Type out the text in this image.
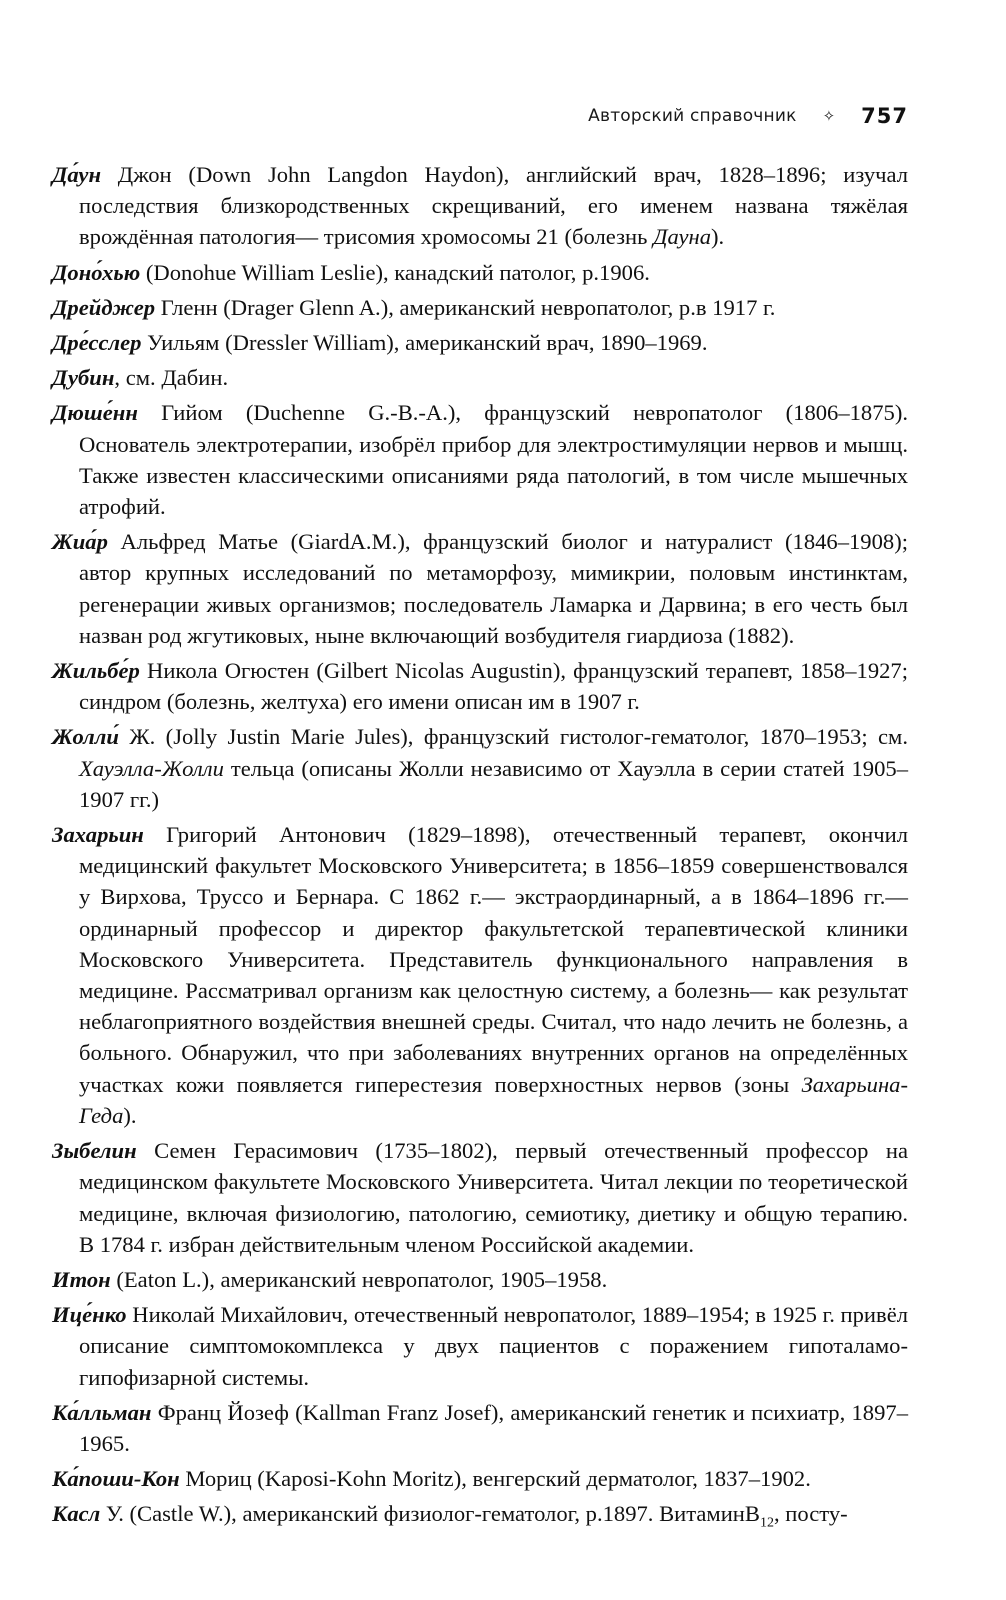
Авторский справочник ✧ 757

Да́ун Джон (Down John Langdon Haydon), английский врач, 1828–1896; изучал последствия близкородственных скрещиваний, его именем названа тяжёлая врождённая патология— трисомия хромосомы 21 (болезнь Дауна).

Доно́хью (Donohue William Leslie), канадский патолог, р.1906.

Дрейджер Гленн (Drager Glenn A.), американский невропатолог, р.в 1917 г.

Дре́сслер Уильям (Dressler William), американский врач, 1890–1969.

Дубин, см. Дабин.

Дюше́нн Гийом (Duchenne G.-B.-A.), французский невропатолог (1806–1875). Основатель электротерапии, изобрёл прибор для электростимуляции нервов и мышц. Также известен классическими описаниями ряда патологий, в том числе мышечных атрофий.

Жиа́р Альфред Матье (GiardA.M.), французский биолог и натуралист (1846–1908); автор крупных исследований по метаморфозу, мимикрии, половым инстинктам, регенерации живых организмов; последователь Ламарка и Дарвина; в его честь был назван род жгутиковых, ныне включающий возбудителя гиардиоза (1882).

Жильбе́р Никола Огюстен (Gilbert Nicolas Augustin), французский терапевт, 1858–1927; синдром (болезнь, желтуха) его имени описан им в 1907 г.

Жолли́ Ж. (Jolly Justin Marie Jules), французский гистолог-гематолог, 1870–1953; см. Хауэлла-Жолли тельца (описаны Жолли независимо от Хауэлла в серии статей 1905–1907 гг.)

Захарьин Григорий Антонович (1829–1898), отечественный терапевт, окончил медицинский факультет Московского Университета; в 1856–1859 совершенствовался у Вирхова, Труссо и Бернара. С 1862 г.— экстраординарный, а в 1864–1896 гг.— ординарный профессор и директор факультетской терапевтической клиники Московского Университета. Представитель функционального направления в медицине. Рассматривал организм как целостную систему, а болезнь— как результат неблагоприятного воздействия внешней среды. Считал, что надо лечить не болезнь, а больного. Обнаружил, что при заболеваниях внутренних органов на определённых участках кожи появляется гиперестезия поверхностных нервов (зоны Захарьина-Геда).

Зыбелин Семен Герасимович (1735–1802), первый отечественный профессор на медицинском факультете Московского Университета. Читал лекции по теоретической медицине, включая физиологию, патологию, семиотику, диетику и общую терапию. В 1784 г. избран действительным членом Российской академии.

Итон (Eaton L.), американский невропатолог, 1905–1958.

Ице́нко Николай Михайлович, отечественный невропатолог, 1889–1954; в 1925 г. привёл описание симптомокомплекса у двух пациентов с поражением гипоталамо-гипофизарной системы.

Ка́лльман Франц Йозеф (Kallman Franz Josef), американский генетик и психиатр, 1897–1965.

Ка́поши-Кон Мориц (Kaposi-Kohn Moritz), венгерский дерматолог, 1837–1902.

Касл У. (Castle W.), американский физиолог-гематолог, р.1897. ВитаминB$_{12}$, посту-
